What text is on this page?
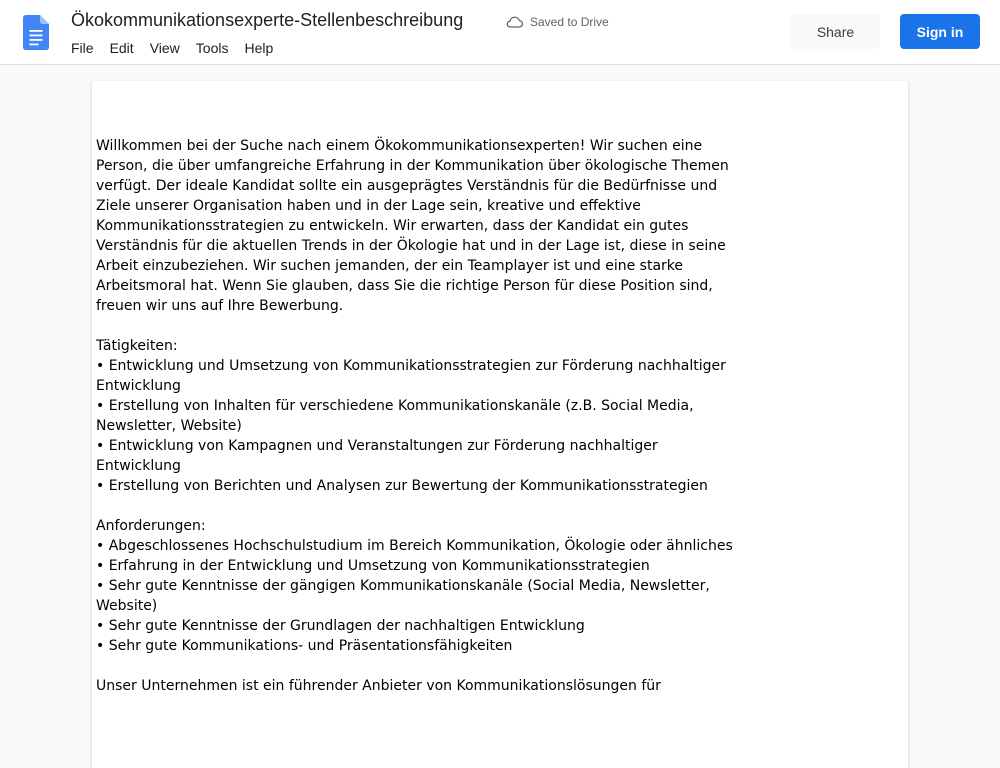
Ökokommunikationsexperte-Stellenbeschreibung	Saved to Drive
File	Edit	View	Tools	Help
Share	Sign in
Willkommen bei der Suche nach einem Ökokommunikationsexperten! Wir suchen eine
Person, die über umfangreiche Erfahrung in der Kommunikation über ökologische Themen
verfügt. Der ideale Kandidat sollte ein ausgeprägtes Verständnis für die Bedürfnisse und
Ziele unserer Organisation haben und in der Lage sein, kreative und effektive
Kommunikationsstrategien zu entwickeln. Wir erwarten, dass der Kandidat ein gutes
Verständnis für die aktuellen Trends in der Ökologie hat und in der Lage ist, diese in seine
Arbeit einzubeziehen. Wir suchen jemanden, der ein Teamplayer ist und eine starke
Arbeitsmoral hat. Wenn Sie glauben, dass Sie die richtige Person für diese Position sind,
freuen wir uns auf Ihre Bewerbung.
Tätigkeiten:
• Entwicklung und Umsetzung von Kommunikationsstrategien zur Förderung nachhaltiger
Entwicklung
• Erstellung von Inhalten für verschiedene Kommunikationskanäle (z.B. Social Media,
Newsletter, Website)
• Entwicklung von Kampagnen und Veranstaltungen zur Förderung nachhaltiger
Entwicklung
• Erstellung von Berichten und Analysen zur Bewertung der Kommunikationsstrategien
Anforderungen:
• Abgeschlossenes Hochschulstudium im Bereich Kommunikation, Ökologie oder ähnliches
• Erfahrung in der Entwicklung und Umsetzung von Kommunikationsstrategien
• Sehr gute Kenntnisse der gängigen Kommunikationskanäle (Social Media, Newsletter,
Website)
• Sehr gute Kenntnisse der Grundlagen der nachhaltigen Entwicklung
• Sehr gute Kommunikations- und Präsentationsfähigkeiten
Unser Unternehmen ist ein führender Anbieter von Kommunikationslösungen für
